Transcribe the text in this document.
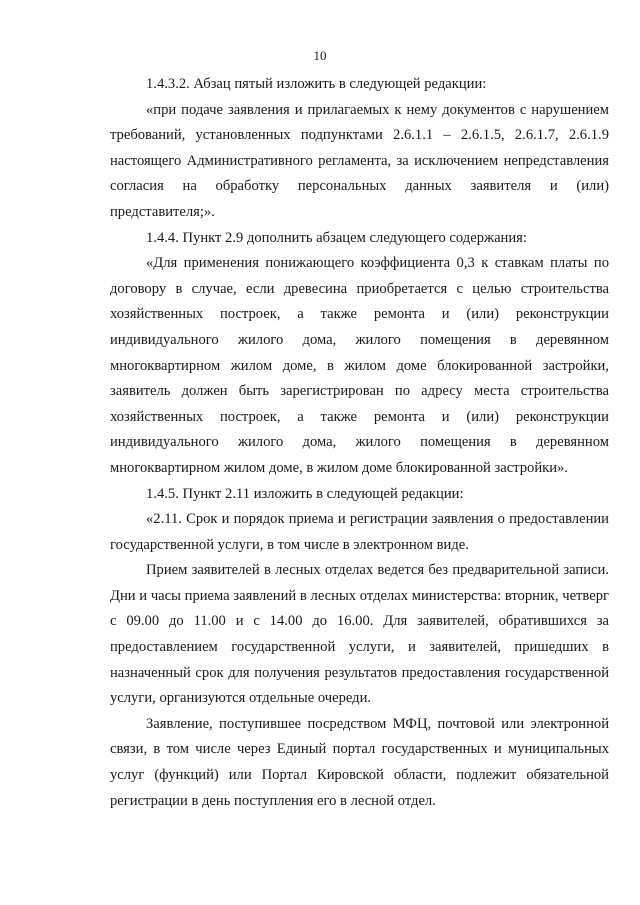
10

1.4.3.2. Абзац пятый изложить в следующей редакции:

«при подаче заявления и прилагаемых к нему документов с нарушением требований, установленных подпунктами 2.6.1.1 – 2.6.1.5, 2.6.1.7, 2.6.1.9 настоящего Административного регламента, за исключением непредставления согласия на обработку персональных данных заявителя и (или) представителя;».

1.4.4. Пункт 2.9 дополнить абзацем следующего содержания:

«Для применения понижающего коэффициента 0,3 к ставкам платы по договору в случае, если древесина приобретается с целью строительства хозяйственных построек, а также ремонта и (или) реконструкции индивидуального жилого дома, жилого помещения в деревянном многоквартирном жилом доме, в жилом доме блокированной застройки, заявитель должен быть зарегистрирован по адресу места строительства хозяйственных построек, а также ремонта и (или) реконструкции индивидуального жилого дома, жилого помещения в деревянном многоквартирном жилом доме, в жилом доме блокированной застройки».

1.4.5. Пункт 2.11 изложить в следующей редакции:

«2.11. Срок и порядок приема и регистрации заявления о предоставлении государственной услуги, в том числе в электронном виде.

Прием заявителей в лесных отделах ведется без предварительной записи. Дни и часы приема заявлений в лесных отделах министерства: вторник, четверг с 09.00 до 11.00 и с 14.00 до 16.00. Для заявителей, обратившихся за предоставлением государственной услуги, и заявителей, пришедших в назначенный срок для получения результатов предоставления государственной услуги, организуются отдельные очереди.

Заявление, поступившее посредством МФЦ, почтовой или электронной связи, в том числе через Единый портал государственных и муниципальных услуг (функций) или Портал Кировской области, подлежит обязательной регистрации в день поступления его в лесной отдел.
